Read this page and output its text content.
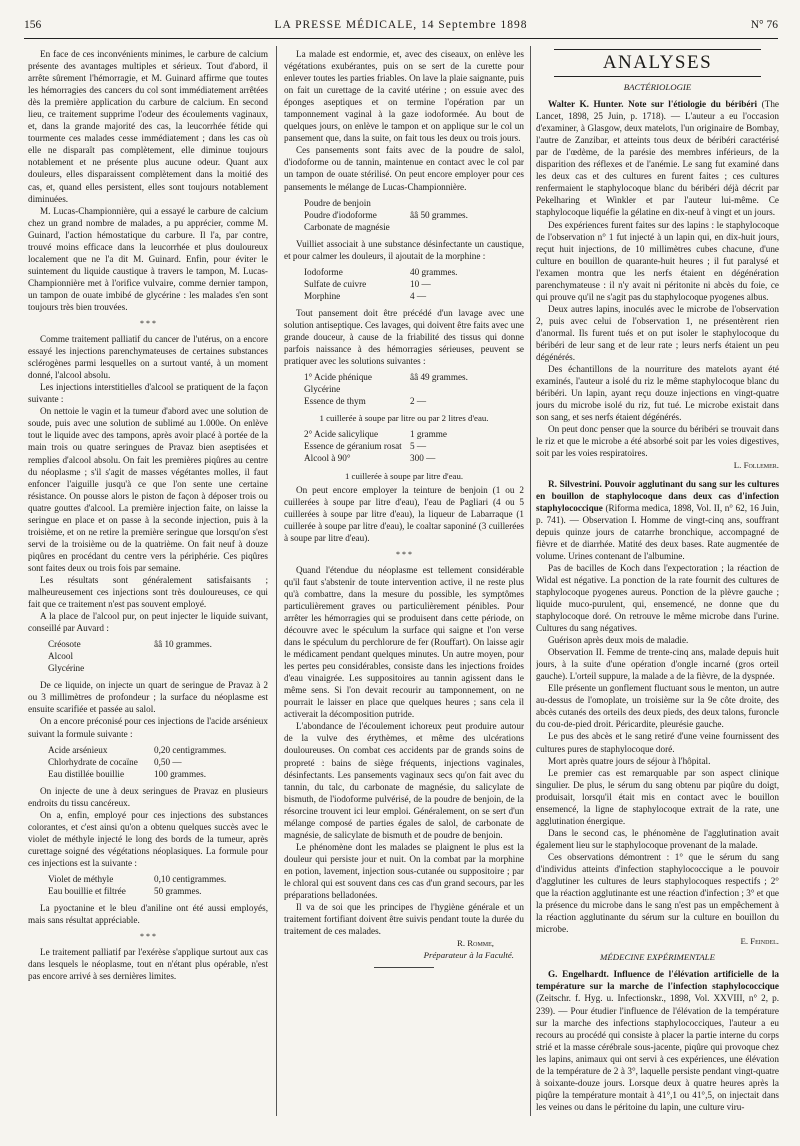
156	LA PRESSE MÉDICALE, 14 Septembre 1898	N° 76

En face de ces inconvénients minimes, le carbure de calcium présente des avantages multiples et sérieux. Tout d'abord, il arrête sûrement l'hémorragie, et M. Guinard affirme que toutes les hémorragies des cancers du col sont immédiatement arrêtées dès la première application du carbure de calcium. En second lieu, ce traitement supprime l'odeur des écoulements vaginaux, et, dans la grande majorité des cas, la leucorrhée fétide qui tourmente ces malades cesse immédiatement ; dans les cas où elle ne disparaît pas complètement, elle diminue toujours notablement et ne présente plus aucune odeur. Quant aux douleurs, elles disparaissent complètement dans la moitié des cas, et, quand elles persistent, elles sont toujours notablement diminuées.

M. Lucas-Championnière, qui a essayé le carbure de calcium chez un grand nombre de malades, a pu apprécier, comme M. Guinard, l'action hémostatique du carbure. Il l'a, par contre, trouvé moins efficace dans la leucorrhée et plus douloureux localement que ne l'a dit M. Guinard. Enfin, pour éviter le suintement du liquide caustique à travers le tampon, M. Lucas-Championnière met à l'orifice vulvaire, comme dernier tampon, un tampon de ouate imbibé de glycérine : les malades s'en sont toujours très bien trouvées.

* * *

Comme traitement palliatif du cancer de l'utérus, on a encore essayé les injections parenchymateuses de certaines substances sclérogènes parmi lesquelles on a surtout vanté, à un moment donné, l'alcool absolu.

Les injections interstitielles d'alcool se pratiquent de la façon suivante :

On nettoie le vagin et la tumeur d'abord avec une solution de soude, puis avec une solution de sublimé au 1.000e. On enlève tout le liquide avec des tampons, après avoir placé à portée de la main trois ou quatre seringues de Pravaz bien aseptisées et remplies d'alcool absolu. On fait les premières piqûres au centre du néoplasme ; s'il s'agit de masses végétantes molles, il faut enfoncer l'aiguille jusqu'à ce que l'on sente une certaine résistance. On pousse alors le piston de façon à déposer trois ou quatre gouttes d'alcool. La première injection faite, on laisse la seringue en place et on passe à la seconde injection, puis à la troisième, et on ne retire la première seringue que lorsqu'on s'est servi de la troisième ou de la quatrième. On fait neuf à douze piqûres en procédant du centre vers la périphérie. Ces piqûres sont faites deux ou trois fois par semaine.

Les résultats sont généralement satisfaisants ; malheureusement ces injections sont très douloureuses, ce qui fait que ce traitement n'est pas souvent employé.

A la place de l'alcool pur, on peut injecter le liquide suivant, conseillé par Auvard :

Créosote	ââ 10 grammes.
Alcool
Glycérine

De ce liquide, on injecte un quart de seringue de Pravaz à 2 ou 3 millimètres de profondeur ; la surface du néoplasme est ensuite scarifiée et passée au salol.

On a encore préconisé pour ces injections de l'acide arsénieux suivant la formule suivante :

Acide arsénieux	0,20 centigrammes.
Chlorhydrate de cocaïne	0,50 —
Eau distillée bouillie	100 grammes.

On injecte de une à deux seringues de Pravaz en plusieurs endroits du tissu cancéreux.

On a, enfin, employé pour ces injections des substances colorantes, et c'est ainsi qu'on a obtenu quelques succès avec le violet de méthyle injecté le long des bords de la tumeur, après curettage soigné des végétations néoplasiques. La formule pour ces injections est la suivante :

Violet de méthyle	0,10 centigrammes.
Eau bouillie et filtrée	50 grammes.

La pyoctanine et le bleu d'aniline ont été aussi employés, mais sans résultat appréciable.

* * *

Le traitement palliatif par l'exérèse s'applique surtout aux cas dans lesquels le néoplasme, tout en n'étant plus opérable, n'est pas encore arrivé à ses dernières limites.

La malade est endormie, et, avec des ciseaux, on enlève les végétations exubérantes, puis on se sert de la curette pour enlever toutes les parties friables. On lave la plaie saignante, puis on fait un curettage de la cavité utérine ; on essuie avec des éponges aseptiques et on termine l'opération par un tamponnement vaginal à la gaze iodoformée. Au bout de quelques jours, on enlève le tampon et on applique sur le col un pansement que, dans la suite, on fait tous les deux ou trois jours.

Ces pansements sont faits avec de la poudre de salol, d'iodoforme ou de tannin, maintenue en contact avec le col par un tampon de ouate stérilisé. On peut encore employer pour ces pansements le mélange de Lucas-Championnière.

Poudre de benjoin
Poudre d'iodoforme	ââ 50 grammes.
Carbonate de magnésie

Vuilliet associait à une substance désinfectante un caustique, et pour calmer les douleurs, il ajoutait de la morphine :

Iodoforme	40 grammes.
Sulfate de cuivre	10 —
Morphine	4 —

Tout pansement doit être précédé d'un lavage avec une solution antiseptique. Ces lavages, qui doivent être faits avec une grande douceur, à cause de la friabilité des tissus qui donne parfois naissance à des hémorragies sérieuses, peuvent se pratiquer avec les solutions suivantes :

1° Acide phénique	ââ 49 grammes.
Glycérine
Essence de thym	2 —
1 cuillerée à soupe par litre ou par 2 litres d'eau.
2° Acide salicylique	1 gramme
Essence de géranium rosat 5 —
Alcool à 90°	300 —
1 cuillerée à soupe par litre d'eau.

On peut encore employer la teinture de benjoin (1 ou 2 cuillerées à soupe par litre d'eau), l'eau de Pagliari (4 ou 5 cuillerées à soupe par litre d'eau), la liqueur de Labarraque (1 cuillerée à soupe par litre d'eau), le coaltar saponiné (3 cuillerées à soupe par litre d'eau).

* * *

Quand l'étendue du néoplasme est tellement considérable qu'il faut s'abstenir de toute intervention active, il ne reste plus qu'à combattre, dans la mesure du possible, les symptômes particulièrement graves ou particulièrement pénibles. Pour arrêter les hémorragies qui se produisent dans cette période, on découvre avec le spéculum la surface qui saigne et l'on verse dans le spéculum du perchlorure de fer (Rouffart). On laisse agir le médicament pendant quelques minutes. Un autre moyen, pour les pertes peu considérables, consiste dans les injections froides d'eau vinaigrée. Les suppositoires au tannin agissent dans le même sens. Si l'on devait recourir au tamponnement, on ne pourrait le laisser en place que quelques heures ; sans cela il activerait la décomposition putride.

L'abondance de l'écoulement ichoreux peut produire autour de la vulve des érythèmes, et même des ulcérations douloureuses. On combat ces accidents par de grands soins de propreté : bains de siège fréquents, injections vaginales, désinfectants. Les pansements vaginaux secs qu'on fait avec du tannin, du talc, du carbonate de magnésie, du salicylate de bismuth, de l'iodoforme pulvérisé, de la poudre de benjoin, de la résorcine trouvent ici leur emploi. Généralement, on se sert d'un mélange composé de parties égales de salol, de carbonate de magnésie, de salicylate de bismuth et de poudre de benjoin.

Le phénomène dont les malades se plaignent le plus est la douleur qui persiste jour et nuit. On la combat par la morphine en potion, lavement, injection sous-cutanée ou suppositoire ; par le chloral qui est souvent dans ces cas d'un grand secours, par les préparations belladonées.

Il va de soi que les principes de l'hygiène générale et un traitement fortifiant doivent être suivis pendant toute la durée du traitement de ces malades.

R. Romme,
Préparateur à la Faculté.
ANALYSES
BACTÉRIOLOGIE

Walter K. Hunter. Note sur l'étiologie du béribéri (The Lancet, 1898, 25 Juin, p. 1718). — L'auteur a eu l'occasion d'examiner, à Glasgow, deux matelots, l'un originaire de Bombay, l'autre de Zanzibar, et atteints tous deux de béribéri caractérisé par de l'œdème, de la parésie des membres inférieurs, de la disparition des réflexes et de l'anémie. Le sang fut examiné dans les deux cas et des cultures en furent faites ; ces cultures renfermaient le staphylocoque blanc du béribéri déjà décrit par Pekelharing et Winkler et par l'auteur lui-même. Ce staphylocoque liquéfie la gélatine en dix-neuf à vingt et un jours.

Des expériences furent faites sur des lapins : le staphylocoque de l'observation n° 1 fut injecté à un lapin qui, en dix-huit jours, reçut huit injections, de 10 millimètres cubes chacune, d'une culture en bouillon de quarante-huit heures ; il fut paralysé et l'examen montra que les nerfs étaient en dégénération parenchymateuse : il n'y avait ni péritonite ni abcès du foie, ce qui prouve qu'il ne s'agit pas du staphylocoque pyogenes albus.

Deux autres lapins, inoculés avec le microbe de l'observation 2, puis avec celui de l'observation 1, ne présentèrent rien d'anormal. Ils furent tués et on put isoler le staphylocoque du béribéri de leur sang et de leur rate ; leurs nerfs étaient un peu dégénérés.

Des échantillons de la nourriture des matelots ayant été examinés, l'auteur a isolé du riz le même staphylocoque blanc du béribéri. Un lapin, ayant reçu douze injections en vingt-quatre jours du microbe isolé du riz, fut tué. Le microbe existait dans son sang, et ses nerfs étaient dégénérés.

On peut donc penser que la source du béribéri se trouvait dans le riz et que le microbe a été absorbé soit par les voies digestives, soit par les voies respiratoires.

L. Follemer.

R. Silvestrini. Pouvoir agglutinant du sang sur les cultures en bouillon de staphylocoque dans deux cas d'infection staphylococcique (Riforma medica, 1898, Vol. II, n° 62, 16 Juin, p. 741). — Observation I. Homme de vingt-cinq ans, souffrant depuis quinze jours de catarrhe bronchique, accompagné de fièvre et de diarrhée. Matité des deux bases. Rate augmentée de volume. Urines contenant de l'albumine.

Pas de bacilles de Koch dans l'expectoration ; la réaction de Widal est négative. La ponction de la rate fournit des cultures de staphylocoque pyogenes aureus. Ponction de la plèvre gauche ; liquide muco-purulent, qui, ensemencé, ne donne que du staphylocoque doré. On retrouve le même microbe dans l'urine. Cultures du sang négatives.

Guérison après deux mois de maladie.

Observation II. Femme de trente-cinq ans, malade depuis huit jours, à la suite d'une opération d'ongle incarné (gros orteil gauche). L'orteil suppure, la malade a de la fièvre, de la dyspnée.

Elle présente un gonflement fluctuant sous le menton, un autre au-dessus de l'omoplate, un troisième sur la 9e côte droite, des abcès cutanés des orteils des deux pieds, des deux talons, furoncle du cou-de-pied droit. Péricardite, pleurésie gauche.

Le pus des abcès et le sang retiré d'une veine fournissent des cultures pures de staphylocoque doré.

Mort après quatre jours de séjour à l'hôpital.

Le premier cas est remarquable par son aspect clinique singulier. De plus, le sérum du sang obtenu par piqûre du doigt, produisait, lorsqu'il était mis en contact avec le bouillon ensemencé, la ligne de staphylocoque extrait de la rate, une agglutination énergique.

Dans le second cas, le phénomène de l'agglutination avait également lieu sur le staphylocoque provenant de la malade.

Ces observations démontrent : 1° que le sérum du sang d'individus atteints d'infection staphylococcique a le pouvoir d'agglutiner les cultures de leurs staphylocoques respectifs ; 2° que la réaction agglutinante est une réaction d'infection ; 3° et que la présence du microbe dans le sang n'est pas un empêchement à la réaction agglutinante du sérum sur la culture en bouillon du microbe.

E. Feindel.
MÉDECINE EXPÉRIMENTALE

G. Engelhardt. Influence de l'élévation artificielle de la température sur la marche de l'infection staphylococcique (Zeitschr. f. Hyg. u. Infectionskr., 1898, Vol. XXVIII, n° 2, p. 239). — Pour étudier l'influence de l'élévation de la température sur la marche des infections staphylococciques, l'auteur a eu recours au procédé qui consiste à placer la partie interne du corps strié et la masse cérébrale sous-jacente, piqûre qui provoque chez les lapins, animaux qui ont servi à ces expériences, une élévation de la température de 2 à 3°, laquelle persiste pendant vingt-quatre à soixante-douze jours. Lorsque deux à quatre heures après la piqûre la température montait à 41°,1 ou 41°,5, on injectait dans les veines ou dans le péritoine du lapin, une culture viru-
